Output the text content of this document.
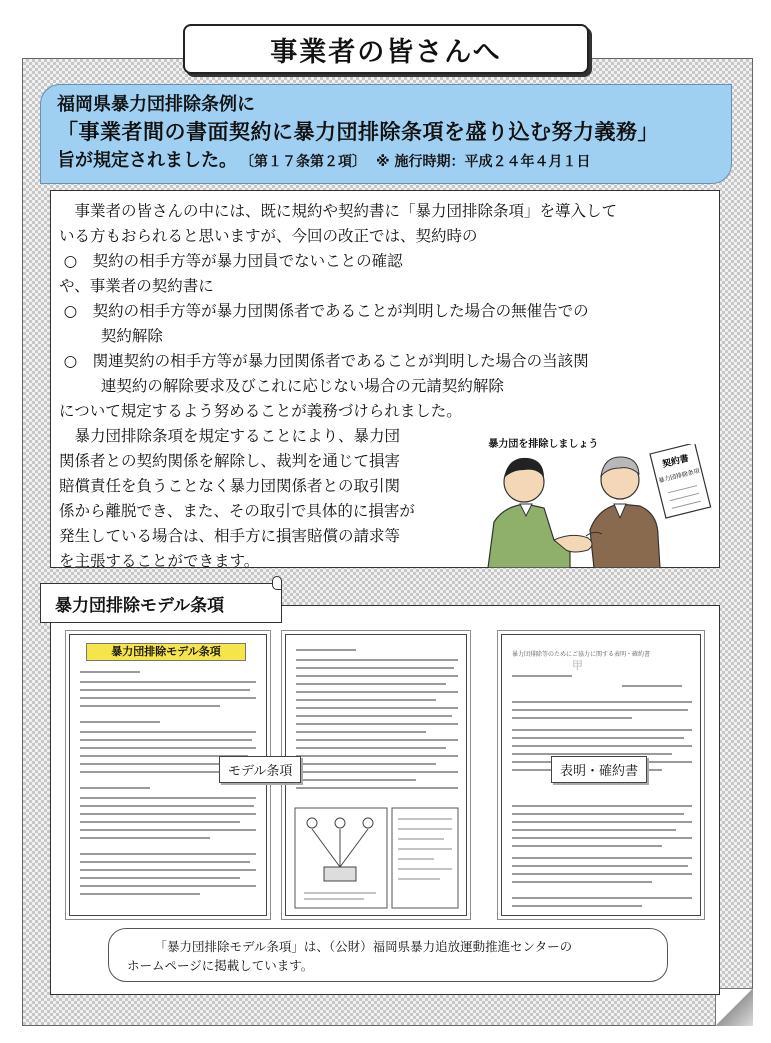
事業者の皆さんへ
福岡県暴力団排除条例に
「事業者間の書面契約に暴力団排除条項を盛り込む努力義務」
旨が規定されました。 〔第１７条第２項〕 ※ 施行時期：平成２４年４月１日
事業者の皆さんの中には、既に規約や契約書に「暴力団排除条項」を導入して
いる方もおられると思いますが、今回の改正では、契約時の
○　契約の相手方等が暴力団員でないことの確認
や、事業者の契約書に
○　契約の相手方等が暴力団関係者であることが判明した場合の無催告での
契約解除
○　関連契約の相手方等が暴力団関係者であることが判明した場合の当該関
連契約の解除要求及びこれに応じない場合の元請契約解除
について規定するよう努めることが義務づけられました。
暴力団排除条項を規定することにより、暴力団
関係者との契約関係を解除し、裁判を通じて損害
賠償責任を負うことなく暴力団関係者との取引関
係から離脱でき、また、その取引で具体的に損害が
発生している場合は、相手方に損害賠償の請求等
を主張することができます。
暴力団を排除しましょう
契約書
暴力団排除条項
暴力団排除モデル条項	暴力団排除等のためにご協力に関する表明・確約書
甲
モデル条項	表明・確約書
暴力団排除モデル条項
「暴力団排除モデル条項」は、（公財）福岡県暴力追放運動推進センターの
ホームページに掲載しています。
